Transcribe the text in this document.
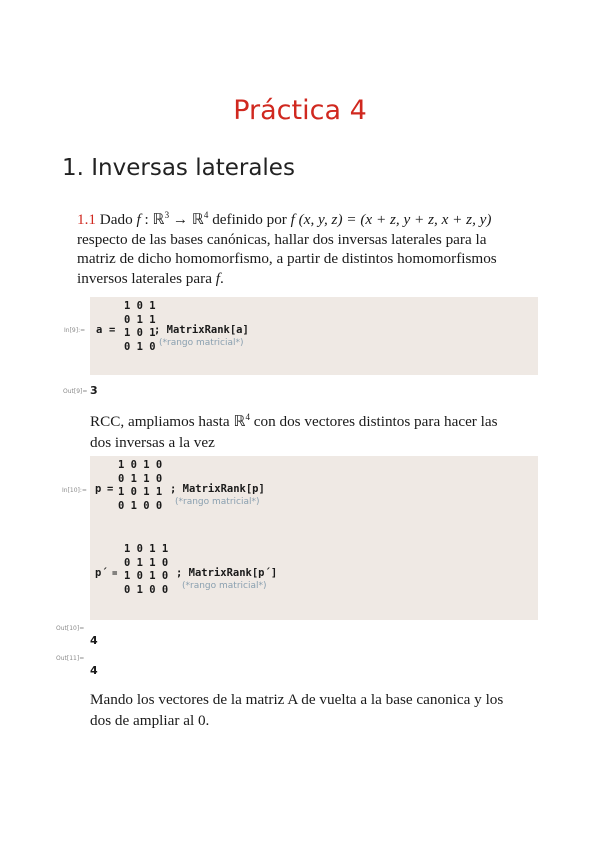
Práctica 4
1. Inversas laterales
1.1 Dado f : ℝ$^3$ → ℝ$^4$ definido por f (x, y, z) = (x + z, y + z, x + z, y)
respecto de las bases canónicas, hallar dos inversas laterales para la
matriz de dicho homomorfismo, a partir de distintos homomorfismos
inversos laterales para f.
In[9]:= a =
1 0 1
0 1 1
1 0 1
0 1 0
; MatrixRank[a]
(*rango matricial*)
Out[9]= 3
RCC, ampliamos hasta ℝ$^4$ con dos vectores distintos para hacer las
dos inversas a la vez
In[10]:= p =
1 0 1 0
0 1 1 0
1 0 1 1
0 1 0 0
; MatrixRank[p]
(*rango matricial*)
p´ =
1 0 1 1
0 1 1 0
1 0 1 0
0 1 0 0
; MatrixRank[p´]
(*rango matricial*)
Out[10]=
4
Out[11]=
4
Mando los vectores de la matriz A de vuelta a la base canonica y los
dos de ampliar al 0.
